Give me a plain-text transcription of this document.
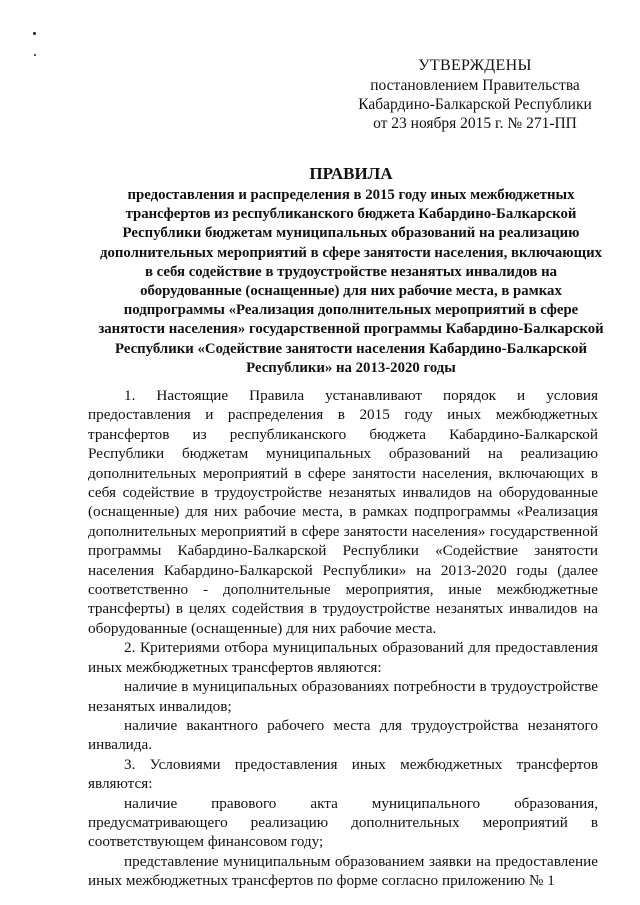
УТВЕРЖДЕНЫ
постановлением Правительства
Кабардино-Балкарской Республики
от 23 ноября 2015 г. № 271-ПП
ПРАВИЛА
предоставления и распределения в 2015 году иных межбюджетных трансфертов из республиканского бюджета Кабардино-Балкарской Республики бюджетам муниципальных образований на реализацию дополнительных мероприятий в сфере занятости населения, включающих в себя содействие в трудоустройстве незанятых инвалидов на оборудованные (оснащенные) для них рабочие места, в рамках подпрограммы «Реализация дополнительных мероприятий в сфере занятости населения» государственной программы Кабардино-Балкарской Республики «Содействие занятости населения Кабардино-Балкарской Республики» на 2013-2020 годы

1. Настоящие Правила устанавливают порядок и условия предоставления и распределения в 2015 году иных межбюджетных трансфертов из республиканского бюджета Кабардино-Балкарской Республики бюджетам муниципальных образований на реализацию дополнительных мероприятий в сфере занятости населения, включающих в себя содействие в трудоустройстве незанятых инвалидов на оборудованные (оснащенные) для них рабочие места, в рамках подпрограммы «Реализация дополнительных мероприятий в сфере занятости населения» государственной программы Кабардино-Балкарской Республики «Содействие занятости населения Кабардино-Балкарской Республики» на 2013-2020 годы (далее соответственно - дополнительные мероприятия, иные межбюджетные трансферты) в целях содействия в трудоустройстве незанятых инвалидов на оборудованные (оснащенные) для них рабочие места.

2. Критериями отбора муниципальных образований для предоставления иных межбюджетных трансфертов являются:

наличие в муниципальных образованиях потребности в трудоустройстве незанятых инвалидов;

наличие вакантного рабочего места для трудоустройства незанятого инвалида.

3. Условиями предоставления иных межбюджетных трансфертов являются:

наличие правового акта муниципального образования, предусматривающего реализацию дополнительных мероприятий в соответствующем финансовом году;

представление муниципальным образованием заявки на предоставление иных межбюджетных трансфертов по форме согласно приложению № 1
